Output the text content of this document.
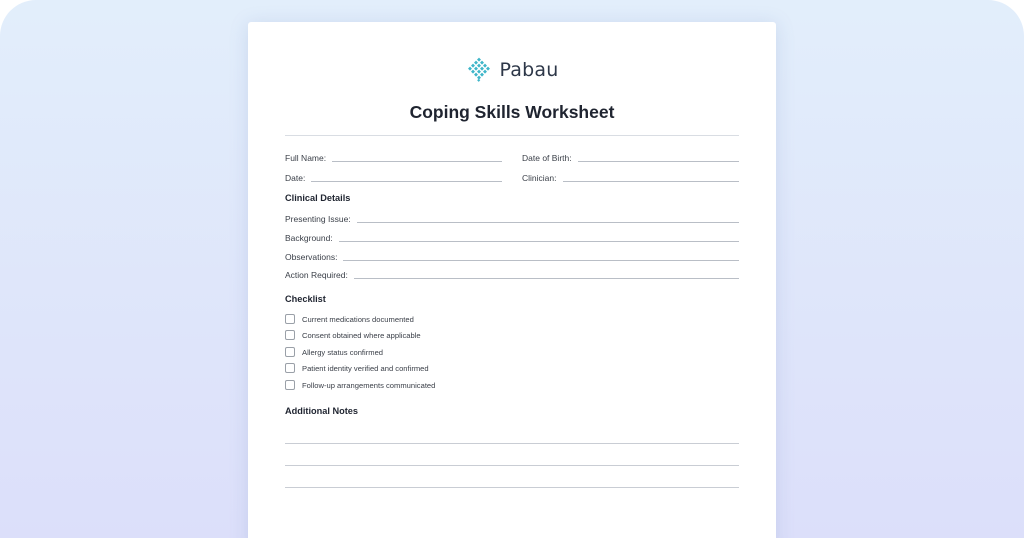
Pabau
Coping Skills Worksheet
Full Name:	Date of Birth:
Date:	Clinician:
Clinical Details
Presenting Issue:
Background:
Observations:
Action Required:
Checklist
Current medications documented
Consent obtained where applicable
Allergy status confirmed
Patient identity verified and confirmed
Follow-up arrangements communicated
Additional Notes
